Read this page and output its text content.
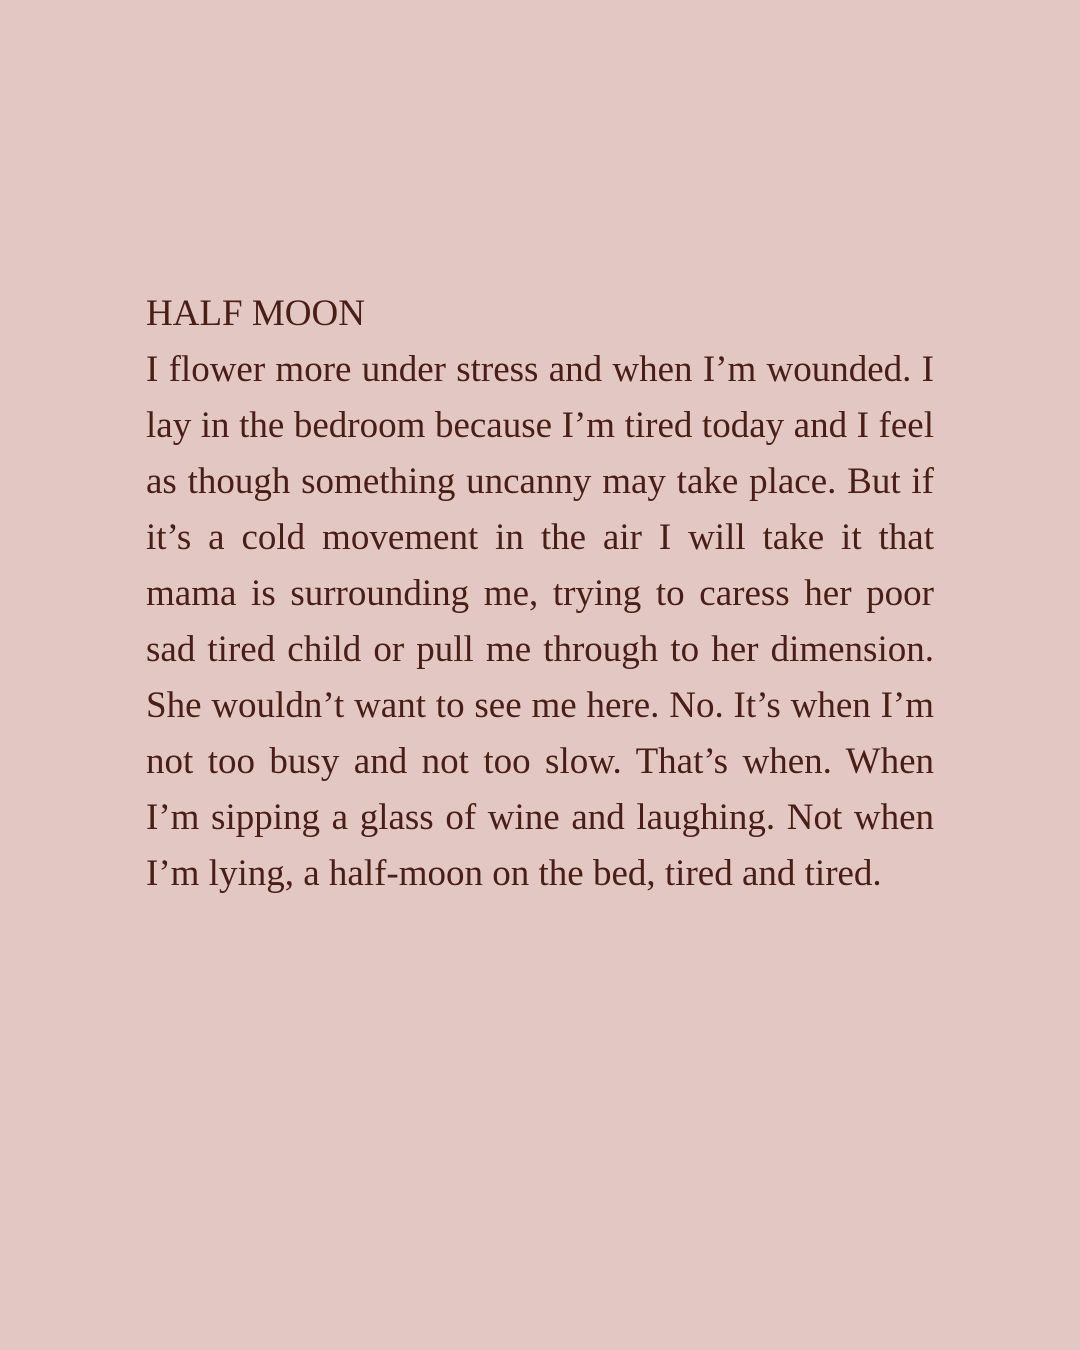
HALF MOON

I flower more under stress and when I’m wounded. I lay in the bedroom because I’m tired today and I feel as though something uncanny may take place. But if it’s a cold movement in the air I will take it that mama is surrounding me, trying to caress her poor sad tired child or pull me through to her dimension. She wouldn’t want to see me here. No. It’s when I’m not too busy and not too slow. That’s when. When I’m sipping a glass of wine and laughing. Not when I’m lying, a half-moon on the bed, tired and tired.
